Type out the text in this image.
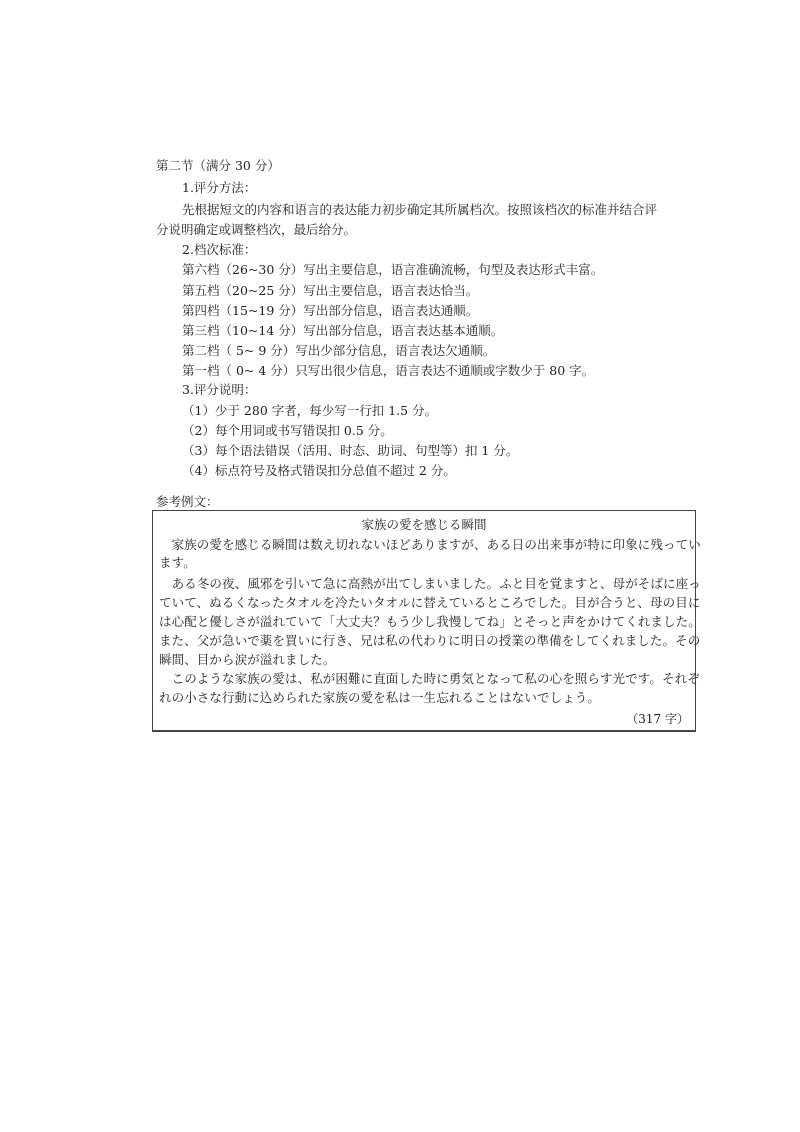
第二节（满分 30 分）
1.评分方法：
先根据短文的内容和语言的表达能力初步确定其所属档次。按照该档次的标准并结合评
分说明确定或调整档次，最后给分。
2.档次标准：
第六档（26~30 分）写出主要信息，语言准确流畅，句型及表达形式丰富。
第五档（20~25 分）写出主要信息，语言表达恰当。
第四档（15~19 分）写出部分信息，语言表达通顺。
第三档（10~14 分）写出部分信息，语言表达基本通顺。
第二档（ 5~ 9 分）写出少部分信息，语言表达欠通顺。
第一档（ 0~ 4 分）只写出很少信息，语言表达不通顺或字数少于 80 字。
3.评分说明：
（1）少于 280 字者，每少写一行扣 1.5 分。
（2）每个用词或书写错误扣 0.5 分。
（3）每个语法错误（活用、时态、助词、句型等）扣 1 分。
（4）标点符号及格式错误扣分总值不超过 2 分。
参考例文：
家族の愛を感じる瞬間
　家族の愛を感じる瞬間は数え切れないほどありますが、ある日の出来事が特に印象に残ってい
ます。
　ある冬の夜、風邪を引いて急に高熱が出てしまいました。ふと目を覚ますと、母がそばに座っ
ていて、ぬるくなったタオルを冷たいタオルに替えているところでした。目が合うと、母の目に
は心配と優しさが溢れていて「大丈夫？もう少し我慢してね」とそっと声をかけてくれました。
また、父が急いで薬を買いに行き、兄は私の代わりに明日の授業の準備をしてくれました。その
瞬間、目から涙が溢れました。
　このような家族の愛は、私が困難に直面した時に勇気となって私の心を照らす光です。それぞ
れの小さな行動に込められた家族の愛を私は一生忘れることはないでしょう。
（317 字）
